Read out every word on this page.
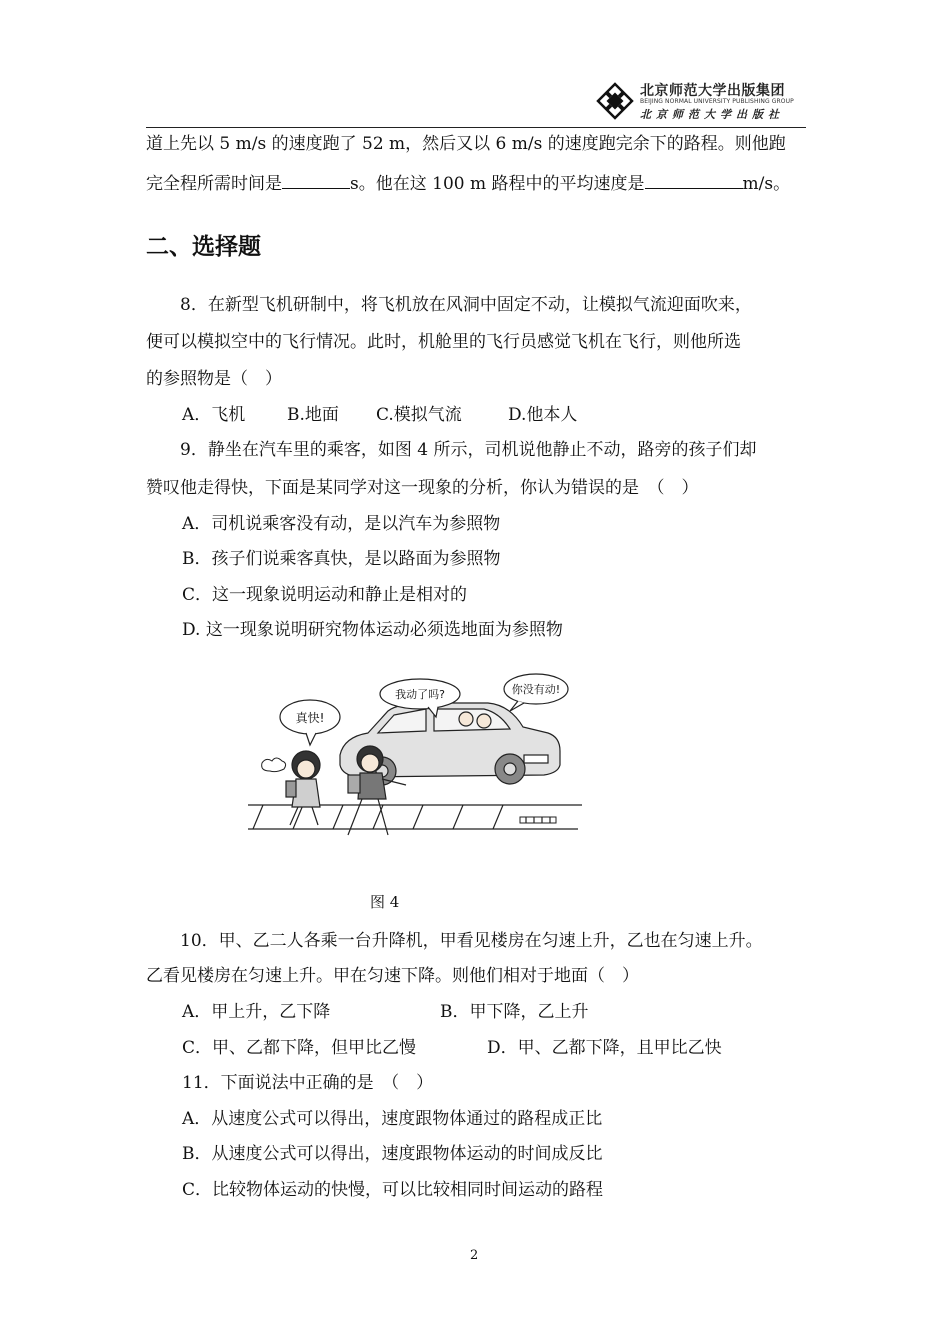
北京师范大学出版集团
BEIJING NORMAL UNIVERSITY PUBLISHING GROUP
北京师范大学出版社
道上先以 5 m/s 的速度跑了 52 m，然后又以 6 m/s 的速度跑完余下的路程。则他跑
完全程所需时间是	s。他在这 100 m 路程中的平均速度是	m/s。
二、选择题
8．在新型飞机研制中，将飞机放在风洞中固定不动，让模拟气流迎面吹来，
便可以模拟空中的飞行情况。此时，机舱里的飞行员感觉飞机在飞行，则他所选
的参照物是（　）
A．飞机 B.地面 C.模拟气流	D.他本人
9．静坐在汽车里的乘客，如图 4 所示，司机说他静止不动，路旁的孩子们却
赞叹他走得快，下面是某同学对这一现象的分析，你认为错误的是　（　）
A．司机说乘客没有动，是以汽车为参照物
B．孩子们说乘客真快，是以路面为参照物
C．这一现象说明运动和静止是相对的
D. 这一现象说明研究物体运动必须选地面为参照物
真快!
我动了吗?	你没有动!
图 4
10．甲、乙二人各乘一台升降机，甲看见楼房在匀速上升，乙也在匀速上升。
乙看见楼房在匀速上升。甲在匀速下降。则他们相对于地面（　）
A．甲上升，乙下降	B．甲下降，乙上升
C．甲、乙都下降，但甲比乙慢	D．甲、乙都下降，且甲比乙快
11．下面说法中正确的是　（　）
A．从速度公式可以得出，速度跟物体通过的路程成正比
B．从速度公式可以得出，速度跟物体运动的时间成反比
C．比较物体运动的快慢，可以比较相同时间运动的路程
2
